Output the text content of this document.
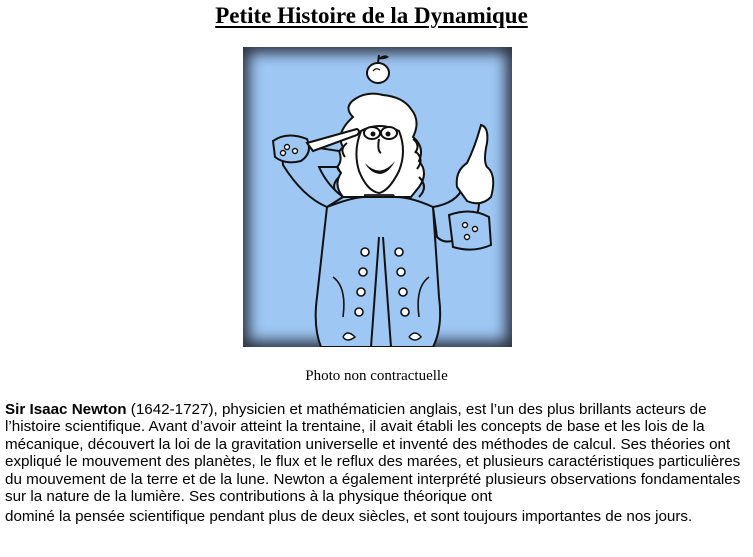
Petite Histoire de la Dynamique

Photo non contractuelle

Sir Isaac Newton (1642-1727), physicien et mathématicien anglais, est l’un des plus brillants acteurs de l’histoire scientifique. Avant d’avoir atteint la trentaine, il avait établi les concepts de base et les lois de la mécanique, découvert la loi de la gravitation universelle et inventé des méthodes de calcul. Ses théories ont expliqué le mouvement des planètes, le flux et le reflux des marées, et plusieurs caractéristiques particulières du mouvement de la terre et de la lune. Newton a également interprété plusieurs observations fondamentales sur la nature de la lumière. Ses contributions à la physique théorique ont
dominé la pensée scientifique pendant plus de deux siècles, et sont toujours importantes de nos jours.
